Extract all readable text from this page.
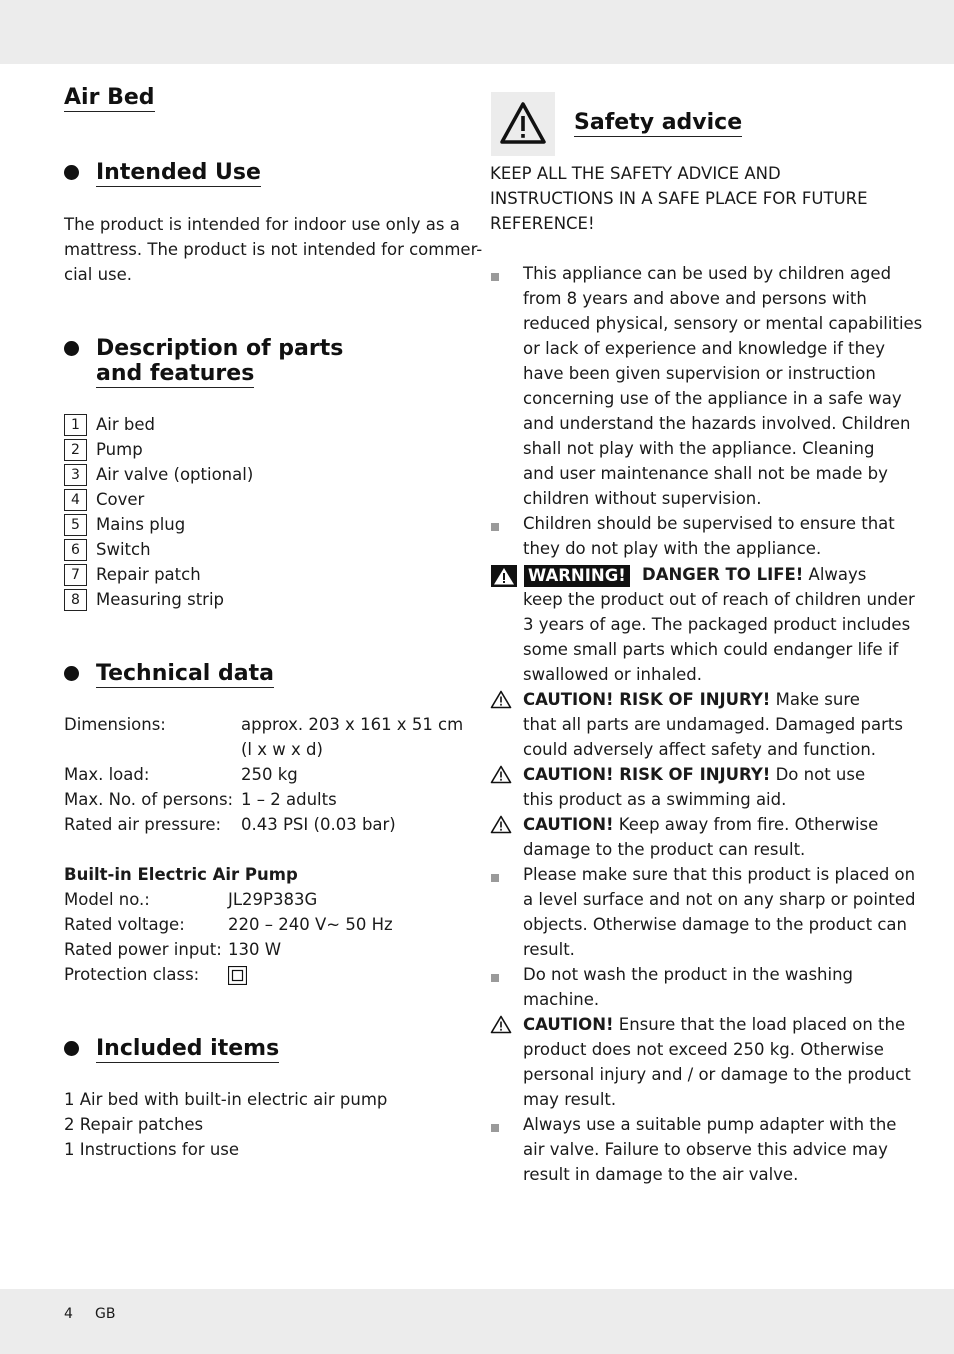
Air Bed
Intended Use
The product is intended for indoor use only as a
mattress. The product is not intended for commer-
cial use.
Description of parts
and features
1 Air bed
2 Pump
3 Air valve (optional)
4 Cover
5 Mains plug
6 Switch
7 Repair patch
8 Measuring strip
Technical data
Dimensions:	approx. 203 x 161 x 51 cm
(l x w x d)
Max. load:	250 kg
Max. No. of persons: 1 – 2 adults
Rated air pressure: 0.43 PSI (0.03 bar)
Built-in Electric Air Pump
Model no.:	JL29P383G
Rated voltage:	220 – 240 V~ 50 Hz
Rated power input: 130 W
Protection class:
Included items
1 Air bed with built-in electric air pump
2 Repair patches
1 Instructions for use
Safety advice
KEEP ALL THE SAFETY ADVICE AND
INSTRUCTIONS IN A SAFE PLACE FOR FUTURE
REFERENCE!
This appliance can be used by children aged
from 8 years and above and persons with
reduced physical, sensory or mental capabilities
or lack of experience and knowledge if they
have been given supervision or instruction
concerning use of the appliance in a safe way
and understand the hazards involved. Children
shall not play with the appliance. Cleaning
and user maintenance shall not be made by
children without supervision.
Children should be supervised to ensure that
they do not play with the appliance.
WARNING! DANGER TO LIFE! Always
keep the product out of reach of children under
3 years of age. The packaged product includes
some small parts which could endanger life if
swallowed or inhaled.
CAUTION! RISK OF INJURY! Make sure
that all parts are undamaged. Damaged parts
could adversely affect safety and function.
CAUTION! RISK OF INJURY! Do not use
this product as a swimming aid.
CAUTION! Keep away from fire. Otherwise
damage to the product can result.
Please make sure that this product is placed on
a level surface and not on any sharp or pointed
objects. Otherwise damage to the product can
result.
Do not wash the product in the washing
machine.
CAUTION! Ensure that the load placed on the
product does not exceed 250 kg. Otherwise
personal injury and / or damage to the product
may result.
Always use a suitable pump adapter with the
air valve. Failure to observe this advice may
result in damage to the air valve.
4 GB
